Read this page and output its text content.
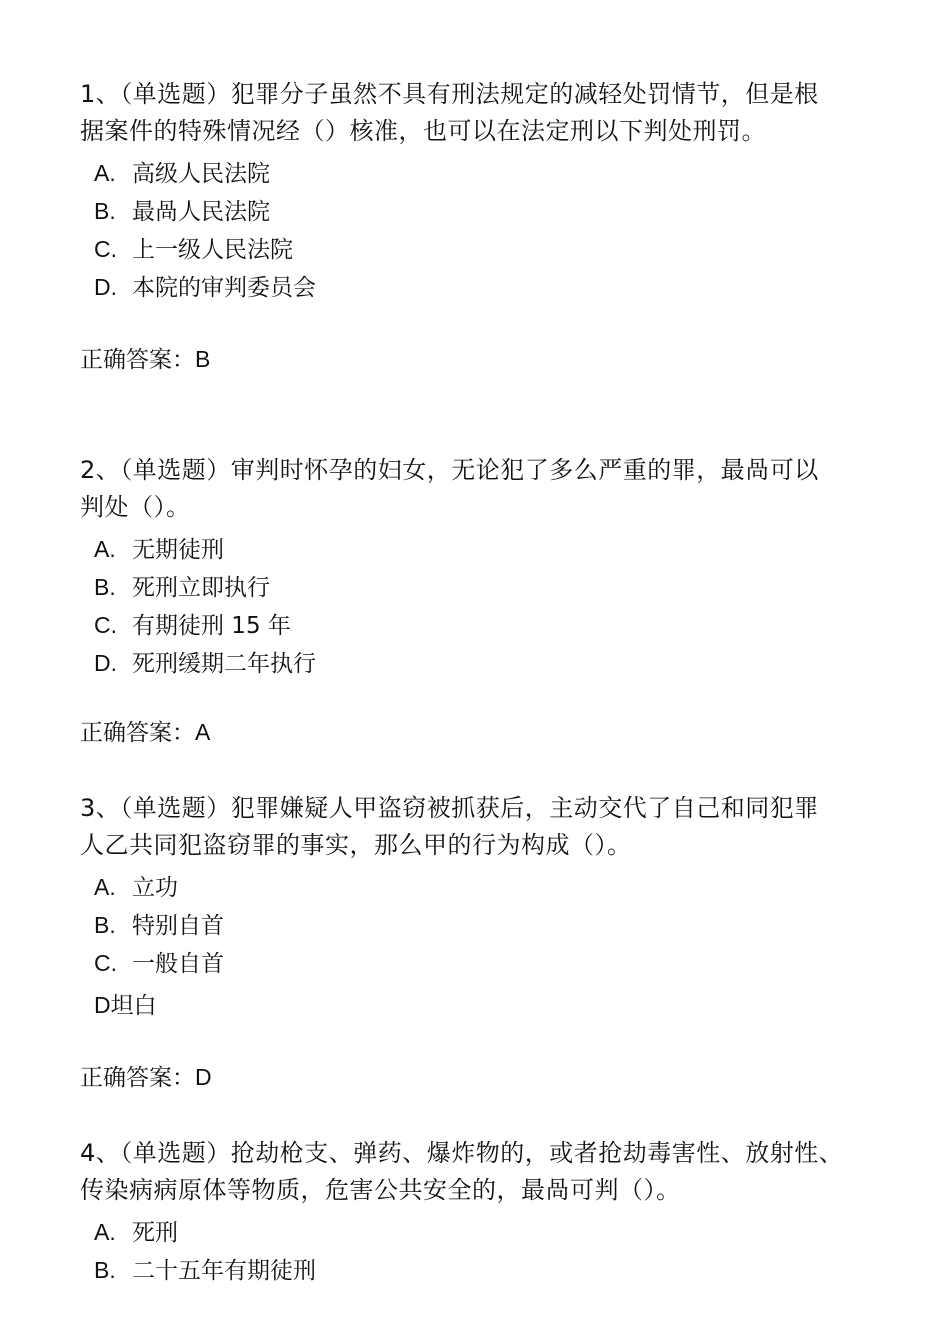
1、（单选题）犯罪分子虽然不具有刑法规定的减轻处罚情节，但是根

据案件的特殊情况经（）核准，也可以在法定刑以下判处刑罚。

A. 高级人民法院
B. 最咼人民法院
C. 上一级人民法院
D. 本院的审判委员会
正确答案：B

2、（单选题）审判时怀孕的妇女，无论犯了多么严重的罪，最咼可以

判处（）。

A. 无期徒刑
B. 死刑立即执行
C. 有期徒刑 15 年
D. 死刑缓期二年执行
正确答案：A

3、（单选题）犯罪嫌疑人甲盗窃被抓获后，主动交代了自己和同犯罪

人乙共同犯盗窃罪的事实，那么甲的行为构成（）。

A. 立功
B. 特别自首
C. 一般自首
D坦白
正确答案：D

4、（单选题）抢劫枪支、弹药、爆炸物的，或者抢劫毒害性、放射性、

传染病病原体等物质，危害公共安全的，最咼可判（）。

A. 死刑
B. 二十五年有期徒刑
